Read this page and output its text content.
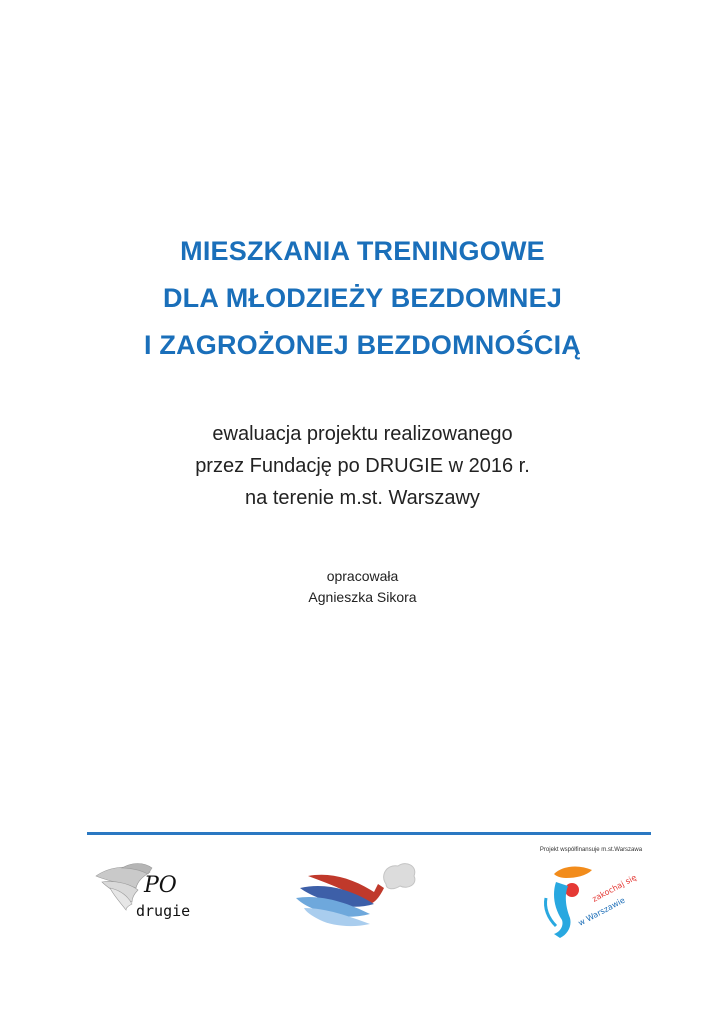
MIESZKANIA TRENINGOWE
DLA MŁODZIEŻY BEZDOMNEJ
I ZAGROŻONEJ BEZDOMNOŚCIĄ
ewaluacja projektu realizowanego
przez Fundację po DRUGIE w 2016 r.
na terenie m.st. Warszawy
opracowała
Agnieszka Sikora
PO
drugie
Projekt współfinansuje m.st.Warszawa
zakochaj się
w Warszawie
